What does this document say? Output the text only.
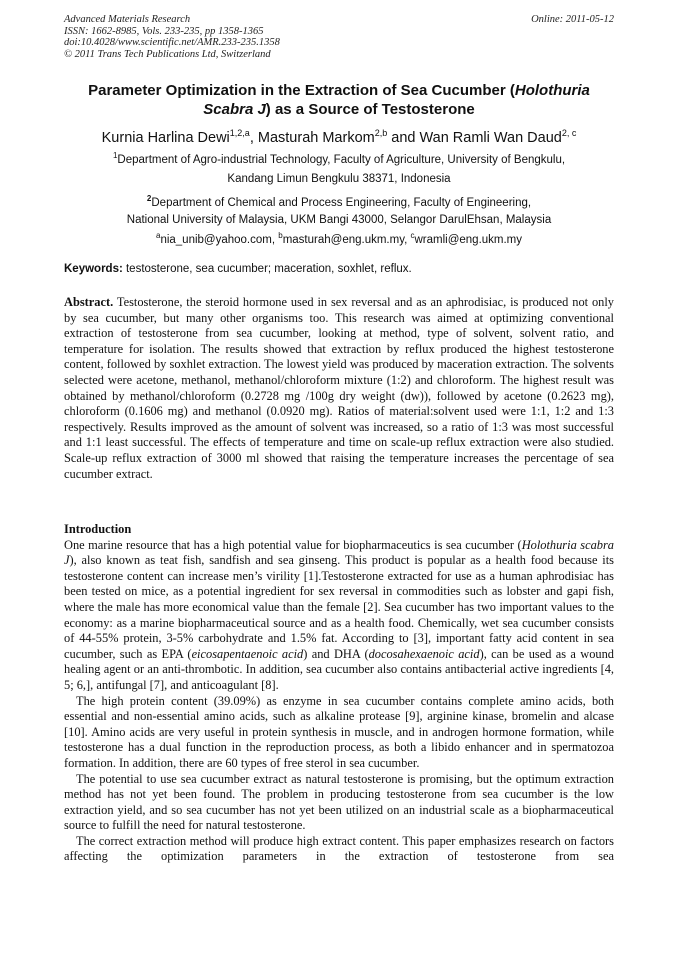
Advanced Materials Research
ISSN: 1662-8985, Vols. 233-235, pp 1358-1365
doi:10.4028/www.scientific.net/AMR.233-235.1358
© 2011 Trans Tech Publications Ltd, Switzerland
Online: 2011-05-12
Parameter Optimization in the Extraction of Sea Cucumber (Holothuria
Scabra J) as a Source of Testosterone
Kurnia Harlina Dewi$^{1,2,a}$, Masturah Markom$^{2,b}$ and Wan Ramli Wan Daud$^{2, c}$
$^1$Department of Agro-industrial Technology, Faculty of Agriculture, University of Bengkulu,
Kandang Limun Bengkulu 38371, Indonesia
$^2$Department of Chemical and Process Engineering, Faculty of Engineering,
National University of Malaysia, UKM Bangi 43000, Selangor DarulEhsan, Malaysia
$^a$nia_unib@yahoo.com, $^b$masturah@eng.ukm.my, $^c$wramli@eng.ukm.my
Keywords: testosterone, sea cucumber; maceration, soxhlet, reflux.
Abstract. Testosterone, the steroid hormone used in sex reversal and as an aphrodisiac, is produced not only by sea cucumber, but many other organisms too. This research was aimed at optimizing conventional extraction of testosterone from sea cucumber, looking at method, type of solvent, solvent ratio, and temperature for isolation. The results showed that extraction by reflux produced the highest testosterone content, followed by soxhlet extraction. The lowest yield was produced by maceration extraction. The solvents selected were acetone, methanol, methanol/chloroform mixture (1:2) and chloroform. The highest result was obtained by methanol/chloroform (0.2728 mg /100g dry weight (dw)), followed by acetone (0.2623 mg), chloroform (0.1606 mg) and methanol (0.0920 mg). Ratios of material:solvent used were 1:1, 1:2 and 1:3 respectively. Results improved as the amount of solvent was increased, so a ratio of 1:3 was most successful and 1:1 least successful. The effects of temperature and time on scale-up reflux extraction were also studied. Scale-up reflux extraction of 3000 ml showed that raising the temperature increases the percentage of sea cucumber extract.
Introduction

One marine resource that has a high potential value for biopharmaceutics is sea cucumber (Holothuria scabra J), also known as teat fish, sandfish and sea ginseng. This product is popular as a health food because its testosterone content can increase men’s virility [1].Testosterone extracted for use as a human aphrodisiac has been tested on mice, as a potential ingredient for sex reversal in commodities such as lobster and gapi fish, where the male has more economical value than the female [2]. Sea cucumber has two important values to the economy: as a marine biopharmaceutical source and as a health food. Chemically, wet sea cucumber consists of 44-55% protein, 3-5% carbohydrate and 1.5% fat. According to [3], important fatty acid content in sea cucumber, such as EPA (eicosapentaenoic acid) and DHA (docosahexaenoic acid), can be used as a wound healing agent or an anti-thrombotic. In addition, sea cucumber also contains antibacterial active ingredients [4, 5; 6,], antifungal [7], and anticoagulant [8].

The high protein content (39.09%) as enzyme in sea cucumber contains complete amino acids, both essential and non-essential amino acids, such as alkaline protease [9], arginine kinase, bromelin and alcase [10]. Amino acids are very useful in protein synthesis in muscle, and in androgen hormone formation, while testosterone has a dual function in the reproduction process, as both a libido enhancer and in spermatozoa formation. In addition, there are 60 types of free sterol in sea cucumber.

The potential to use sea cucumber extract as natural testosterone is promising, but the optimum extraction method has not yet been found. The problem in producing testosterone from sea cucumber is the low extraction yield, and so sea cucumber has not yet been utilized on an industrial scale as a biopharmaceutical source to fulfill the need for natural testosterone.

The correct extraction method will produce high extract content. This paper emphasizes research on factors affecting the optimization parameters in the extraction of testosterone from sea
